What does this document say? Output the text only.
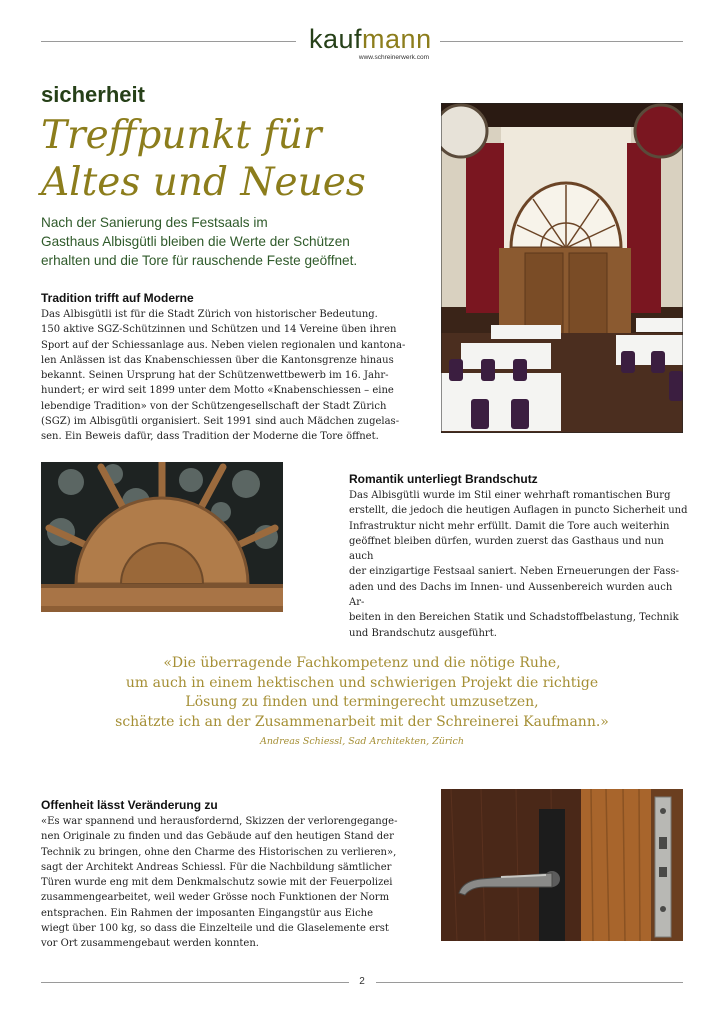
kaufmann
www.schreinerwerk.com
sicherheit
Treffpunkt für
Altes und Neues

Nach der Sanierung des Festsaals im
Gasthaus Albisgütli bleiben die Werte der Schützen
erhalten und die Tore für rauschende Feste geöffnet.

Tradition trifft auf Moderne

Das Albisgütli ist für die Stadt Zürich von historischer Bedeutung.
150 aktive SGZ-Schützinnen und Schützen und 14 Vereine üben ihren
Sport auf der Schiessanlage aus. Neben vielen regionalen und kantona-
len Anlässen ist das Knabenschiessen über die Kantonsgrenze hinaus
bekannt. Seinen Ursprung hat der Schützenwettbewerb im 16. Jahr-
hundert; er wird seit 1899 unter dem Motto «Knabenschiessen – eine
lebendige Tradition» von der Schützengesellschaft der Stadt Zürich
(SGZ) im Albisgütli organisiert. Seit 1991 sind auch Mädchen zugelas-
sen. Ein Beweis dafür, dass Tradition der Moderne die Tore öffnet.

Romantik unterliegt Brandschutz

Das Albisgütli wurde im Stil einer wehrhaft romantischen Burg
erstellt, die jedoch die heutigen Auflagen in puncto Sicherheit und
Infrastruktur nicht mehr erfüllt. Damit die Tore auch weiterhin
geöffnet bleiben dürfen, wurden zuerst das Gasthaus und nun auch
der einzigartige Festsaal saniert. Neben Erneuerungen der Fass-
aden und des Dachs im Innen- und Aussenbereich wurden auch Ar-
beiten in den Bereichen Statik und Schadstoffbelastung, Technik
und Brandschutz ausgeführt.

«Die überragende Fachkompetenz und die nötige Ruhe,
um auch in einem hektischen und schwierigen Projekt die richtige
Lösung zu finden und termingerecht umzusetzen,
schätzte ich an der Zusammenarbeit mit der Schreinerei Kaufmann.»

Andreas Schiessl, Sad Architekten, Zürich

Offenheit lässt Veränderung zu

«Es war spannend und herausfordernd, Skizzen der verlorengegange-
nen Originale zu finden und das Gebäude auf den heutigen Stand der
Technik zu bringen, ohne den Charme des Historischen zu verlieren»,
sagt der Architekt Andreas Schiessl. Für die Nachbildung sämtlicher
Türen wurde eng mit dem Denkmalschutz sowie mit der Feuerpolizei
zusammengearbeitet, weil weder Grösse noch Funktionen der Norm
entsprachen. Ein Rahmen der imposanten Eingangstür aus Eiche
wiegt über 100 kg, so dass die Einzelteile und die Glaselemente erst
vor Ort zusammengebaut werden konnten.

2
